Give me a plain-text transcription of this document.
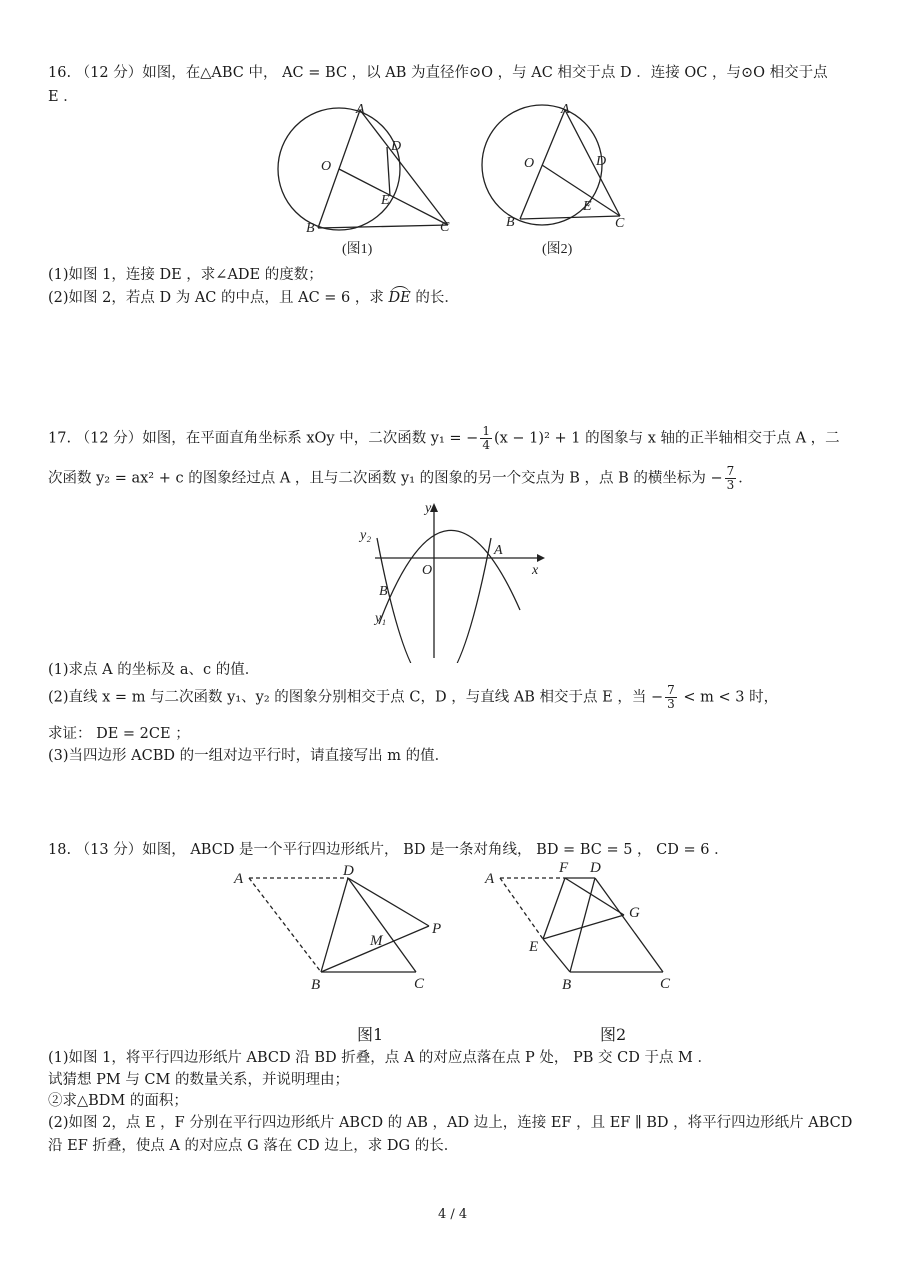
16. （12 分）如图，在△ABC 中， AC = BC ，以 AB 为直径作⊙O ，与 AC 相交于点 D ．连接 OC ，与⊙O 相交于点
E ．
A
B	C
D
E
O
(图1)
A
B	C
D
E
O
(图2)
(1)如图 1，连接 DE ，求∠ADE 的度数；
(2)如图 2，若点 D 为 AC 的中点，且 AC = 6 ，求 DE 的长．
17. （12 分）如图，在平面直角坐标系 xOy 中，二次函数 y₁ = − $\frac{1}{4} (x - 1)^2 + 1$ 的图象与 x 轴的正半轴相交于点 A ，二
次函数 y₂ = ax² + c 的图象经过点 A ，且与二次函数 y₁ 的图象的另一个交点为 B ，点 B 的横坐标为 − $\frac{7}{3}$ ．
y
x
O
A
B
y₂
y₁
(1)求点 A 的坐标及 a、c 的值．
(2)直线 x = m 与二次函数 y₁、y₂ 的图象分别相交于点 C，D ，与直线 AB 相交于点 E ，当 − $\frac{7}{3} < m < 3$ 时，
求证： DE = 2CE ；
(3)当四边形 ACBD 的一组对边平行时，请直接写出 m 的值．
18. （13 分）如图， ABCD 是一个平行四边形纸片， BD 是一条对角线， BD = BC = 5 ， CD = 6 ．
A	D
P
M
B	C
A
F D
G
E
B	C
图1	图2
(1)如图 1，将平行四边形纸片 ABCD 沿 BD 折叠，点 A 的对应点落在点 P 处， PB 交 CD 于点 M ．
试猜想 PM 与 CM 的数量关系，并说明理由；
②求△BDM 的面积；
(2)如图 2，点 E ，F 分别在平行四边形纸片 ABCD 的 AB ，AD 边上，连接 EF ，且 EF ∥ BD ，将平行四边形纸片 ABCD
沿 EF 折叠，使点 A 的对应点 G 落在 CD 边上，求 DG 的长．
4 / 4
